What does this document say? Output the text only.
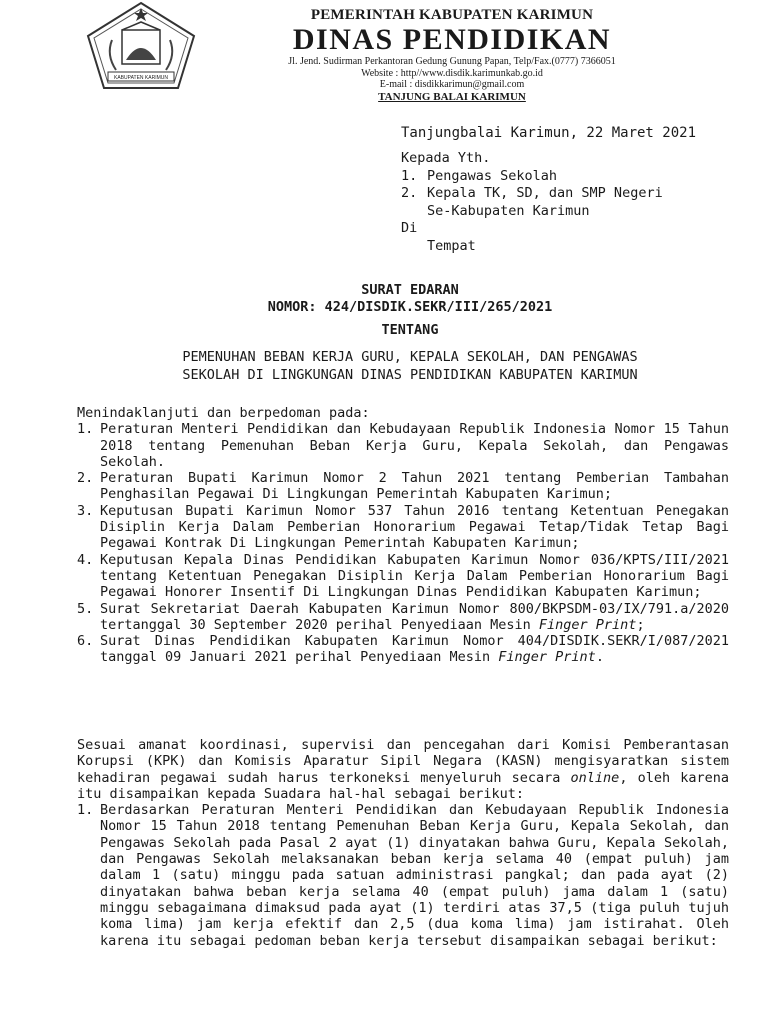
KABUPATEN KARIMUN
PEMERINTAH KABUPATEN KARIMUN
DINAS PENDIDIKAN
Jl. Jend. Sudirman Perkantoran Gedung Gunung Papan, Telp/Fax.(0777) 7366051
Website : http//www.disdik.karimunkab.go.id
E-mail : disdikkarimun@gmail.com
TANJUNG BALAI KARIMUN
Tanjungbalai Karimun, 22 Maret 2021
Kepada Yth.
1. Pengawas Sekolah
2. Kepala TK, SD, dan SMP Negeri
Se-Kabupaten Karimun
Di
Tempat
SURAT EDARAN
NOMOR: 424/DISDIK.SEKR/III/265/2021
TENTANG
PEMENUHAN BEBAN KERJA GURU, KEPALA SEKOLAH, DAN PENGAWAS
SEKOLAH DI LINGKUNGAN DINAS PENDIDIKAN KABUPATEN KARIMUN

Menindaklanjuti dan berpedoman pada:

1. Peraturan Menteri Pendidikan dan Kebudayaan Republik Indonesia Nomor 15 Tahun 2018 tentang Pemenuhan Beban Kerja Guru, Kepala Sekolah, dan Pengawas Sekolah.
2. Peraturan Bupati Karimun Nomor 2 Tahun 2021 tentang Pemberian Tambahan Penghasilan Pegawai Di Lingkungan Pemerintah Kabupaten Karimun;
3. Keputusan Bupati Karimun Nomor 537 Tahun 2016 tentang Ketentuan Penegakan Disiplin Kerja Dalam Pemberian Honorarium Pegawai Tetap/Tidak Tetap Bagi Pegawai Kontrak Di Lingkungan Pemerintah Kabupaten Karimun;
4. Keputusan Kepala Dinas Pendidikan Kabupaten Karimun Nomor 036/KPTS/III/2021 tentang Ketentuan Penegakan Disiplin Kerja Dalam Pemberian Honorarium Bagi Pegawai Honorer Insentif Di Lingkungan Dinas Pendidikan Kabupaten Karimun;
5. Surat Sekretariat Daerah Kabupaten Karimun Nomor 800/BKPSDM-03/IX/791.a/2020 tertanggal 30 September 2020 perihal Penyediaan Mesin Finger Print;
6. Surat Dinas Pendidikan Kabupaten Karimun Nomor 404/DISDIK.SEKR/I/087/2021 tanggal 09 Januari 2021 perihal Penyediaan Mesin Finger Print.

Sesuai amanat koordinasi, supervisi dan pencegahan dari Komisi Pemberantasan Korupsi (KPK) dan Komisis Aparatur Sipil Negara (KASN) mengisyaratkan sistem kehadiran pegawai sudah harus terkoneksi menyeluruh secara online, oleh karena itu disampaikan kepada Suadara hal-hal sebagai berikut:

1. Berdasarkan Peraturan Menteri Pendidikan dan Kebudayaan Republik Indonesia Nomor 15 Tahun 2018 tentang Pemenuhan Beban Kerja Guru, Kepala Sekolah, dan Pengawas Sekolah pada Pasal 2 ayat (1) dinyatakan bahwa Guru, Kepala Sekolah, dan Pengawas Sekolah melaksanakan beban kerja selama 40 (empat puluh) jam dalam 1 (satu) minggu pada satuan administrasi pangkal; dan pada ayat (2) dinyatakan bahwa beban kerja selama 40 (empat puluh) jama dalam 1 (satu) minggu sebagaimana dimaksud pada ayat (1) terdiri atas 37,5 (tiga puluh tujuh koma lima) jam kerja efektif dan 2,5 (dua koma lima) jam istirahat. Oleh karena itu sebagai pedoman beban kerja tersebut disampaikan sebagai berikut:
